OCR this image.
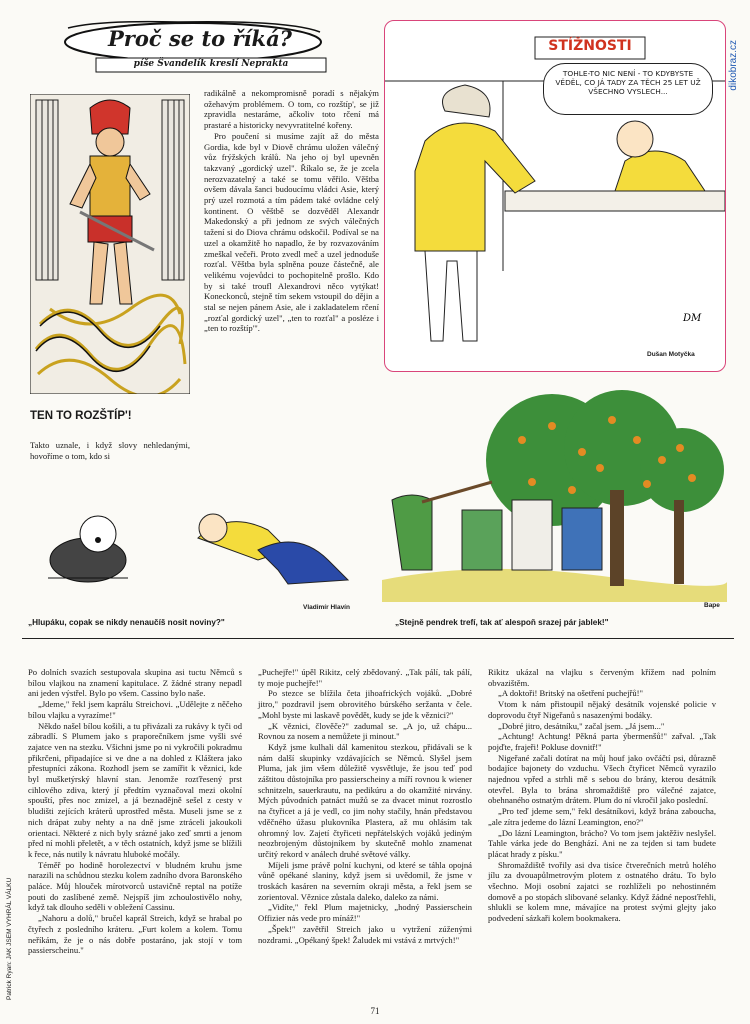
Proč se to říká?
píše Švandelík kreslí Neprakta
TEN TO ROZŠTÍP'!

Takto uznale, i když slovy nehledanými, hovoříme o tom, kdo si

radikálně a nekompromisně poradí s nějakým ožehavým problémem. O tom, co rozštíp', se již zpravidla nestaráme, ačkoliv toto rčení má prastaré a historicky nevyvratitelné kořeny.

Pro poučení si musíme zajít až do města Gordia, kde byl v Diově chrámu uložen válečný vůz frýžských králů. Na jeho oj byl upevněn takzvaný „gordický uzel". Říkalo se, že je zcela nerozvazatelný a také se tomu věřilo. Věštba ovšem dávala šanci budoucímu vládci Asie, který prý uzel rozmotá a tím pádem také ovládne celý kontinent. O věštbě se dozvěděl Alexandr Makedonský a při jednom ze svých válečných tažení si do Diova chrámu odskočil. Podíval se na uzel a okamžitě ho napadlo, že by rozvazováním zmeškal večeři. Proto zvedl meč a uzel jednoduše rozťal. Věštba byla splněna pouze částečně, ale velikému vojevůdci to pochopitelně prošlo. Kdo by si také troufl Alexandrovi něco vytýkat! Koneckonců, stejně tím sekem vstoupil do dějin a stal se nejen pánem Asie, ale i zakladatelem rčení „rozťal gordický uzel", „ten to rozťal" a posléze i „ten to rozštíp'".

DM
STÍŽNOSTI
TOHLE-TO NIC NENÍ - TO KDYBYSTE VĚDĚL, CO JÁ TADY ZA TĚCH 25 LET UŽ VŠECHNO VYSLECH...
Dušan Motyčka
dikobraz.cz
Vladimír Hlavín	Bape
„Hlupáku, copak se nikdy nenaučíš nosit noviny?"	„Stejně pendrek trefí, tak ať alespoň srazej pár jablek!"
Patrick Ryan: JAK JSEM VYHRÁL VÁLKU

Po dolních svazích sestupovala skupina asi tuctu Němců s bílou vlajkou na znamení kapitulace. Z žádné strany nepadl ani jeden výstřel. Bylo po všem. Cassino bylo naše.

„Jdeme," řekl jsem kaprálu Streichovi. „Udělejte z něčeho bílou vlajku a vyrazíme!"

Někdo našel bílou košili, a tu přivázali za rukávy k tyči od zábradlí. S Plumem jako s praporečníkem jsme vyšli své zajatce ven na stezku. Všichni jsme po ni vykročili pokradmu přikrčeni, připadajíce si ve dne a na dohled z Kláštera jako přestupníci zákona. Rozhodl jsem se zamířit k věznici, kde byl mušketýrský hlavní stan. Jenomže rozťřesený prst cihlového zdiva, který jí předtím vyznačoval mezi okolní spouští, přes noc zmizel, a já beznadějně sešel z cesty v bludišti zejících kráterů uprostřed města. Museli jsme se z nich drápat zuby nehty a na dně jsme ztráceli jakoukoli orientaci. Některé z nich byly srázné jako zeď smrti a jenom před ní mohli přeletět, a v těch ostatních, když jsme se blížili k řece, nás nutily k návratu hluboké močály.

Téměř po hodině horolezectví v bludném kruhu jsme narazili na schůdnou stezku kolem zadního dvora Baronského paláce. Můj hlouček mírotvorců ustavičně reptal na potíže pouti do zaslíbené země. Nejspíš jim zchoulostivělo nohy, když tak dlouho seděli v obležení Cassinu.

„Nahoru a dolů," bručel kaprál Streich, když se hrabal po čtyřech z posledního kráteru. „Furt kolem a kolem. Tomu neříkám, že je o nás dobře postaráno, jak stojí v tom passierscheinu."

„Puchejře!" úpěl Rikitz, celý zbědovaný. „Tak pálí, tak pálí, ty moje puchejře!"

Po stezce se blížila četa jihoafrických vojáků. „Dobré jitro," pozdravil jsem obrovitého búrského seržanta v čele. „Mohl byste mi laskavě povědět, kudy se jde k věznici?"

„K věznici, člověče?" zadumal se. „A jo, už chápu... Rovnou za nosem a nemůžete ji minout."

Když jsme kulhali dál kamenitou stezkou, přidávali se k nám další skupinky vzdávajících se Němců. Slyšel jsem Pluma, jak jim všem důležitě vysvětluje, že jsou teď pod záštitou důstojníka pro passierscheiny a míří rovnou k wiener schnitzeln, sauerkrautu, na pedikúru a do okamžité nirvány. Mých původních patnáct mužů se za dvacet minut rozrostlo na čtyřicet a já je vedl, co jim nohy stačily, hnán představou vděčného úžasu plukovníka Plastera, až mu ohlásím tak ohromný lov. Zajetí čtyřiceti nepřátelských vojáků jediným neozbrojeným důstojníkem by skutečně mohlo znamenat určitý rekord v análech druhé světové války.

Míjeli jsme právě polní kuchyni, od které se táhla opojná vůně opékané slaniny, když jsem si uvědomil, že jsme v troskách kasáren na severním okraji města, a řekl jsem se zorientoval. Věznice zůstala daleko, daleko za námi.

„Vidíte," řekl Plum majetnicky, „hodný Passierschein Offizier nás vede pro mínáž!"

„Špek!" zavětřil Streich jako u vytržení zúženými nozdrami. „Opékaný špek! Žaludek mi vstává z mrtvých!"

Rikitz ukázal na vlajku s červeným křížem nad polním obvazištěm.

„A doktoři! Britský na ošetření puchejřů!"

Vtom k nám přistoupil nějaký desátník vojenské policie v doprovodu čtyř Nigeřanů s nasazenými bodáky.

„Dobré jitro, desátníku," začal jsem. „Já jsem..."

„Achtung! Achtung! Pěkná parta ýbermenšů!" zařval. „Tak pojďte, frajeři! Pokluse dovnitř!"

Nigeřané začali dotírat na můj houf jako ovčáčtí psi, důrazně bodajíce bajonety do vzduchu. Všech čtyřicet Němců vyrazilo najednou vpřed a strhli mě s sebou do brány, kterou desátník otevřel. Byla to brána shromaždiště pro válečné zajatce, obehnaného ostnatým drátem. Plum do ní vkročil jako poslední.

„Pro teď jdeme sem," řekl desátníkovi, když brána zaboucha, „ale zítra jedeme do lázní Leamington, eno?"

„Do lázní Leamington, brácho? Vo tom jsem jaktěživ neslyšel. Tahle várka jede do Benghází. Ani ne za tejden si tam budete plácat hrady z písku."

Shromaždiště tvořily asi dva tisíce čtverečních metrů holého jílu za dvouapůlmetrovým plotem z ostnatého drátu. To bylo všechno. Moji osobní zajatci se rozhlíželi po nehostinném domově a po stopách slibované selanky. Když žádné neposťřehli, shlukli se kolem mne, mávajíce na protest svými glejty jako podvedení sázkaři kolem bookmakera.

71
